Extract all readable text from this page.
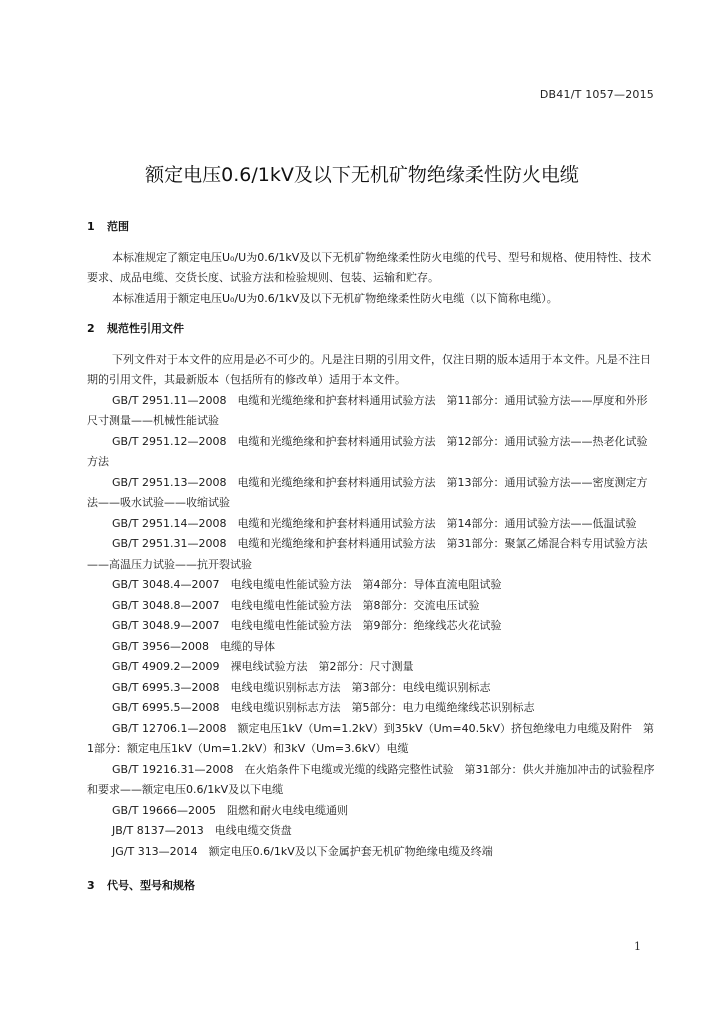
DB41/T 1057—2015
额定电压0.6/1kV及以下无机矿物绝缘柔性防火电缆

1 范围

本标准规定了额定电压U₀/U为0.6/1kV及以下无机矿物绝缘柔性防火电缆的代号、型号和规格、使用特性、技术要求、成品电缆、交货长度、试验方法和检验规则、包装、运输和贮存。

本标准适用于额定电压U₀/U为0.6/1kV及以下无机矿物绝缘柔性防火电缆（以下简称电缆）。

2 规范性引用文件

下列文件对于本文件的应用是必不可少的。凡是注日期的引用文件，仅注日期的版本适用于本文件。凡是不注日期的引用文件，其最新版本（包括所有的修改单）适用于本文件。

GB/T 2951.11—2008　电缆和光缆绝缘和护套材料通用试验方法　第11部分：通用试验方法——厚度和外形尺寸测量——机械性能试验

GB/T 2951.12—2008　电缆和光缆绝缘和护套材料通用试验方法　第12部分：通用试验方法——热老化试验方法

GB/T 2951.13—2008　电缆和光缆绝缘和护套材料通用试验方法　第13部分：通用试验方法——密度测定方法——吸水试验——收缩试验

GB/T 2951.14—2008　电缆和光缆绝缘和护套材料通用试验方法　第14部分：通用试验方法——低温试验

GB/T 2951.31—2008　电缆和光缆绝缘和护套材料通用试验方法　第31部分：聚氯乙烯混合料专用试验方法——高温压力试验——抗开裂试验

GB/T 3048.4—2007　电线电缆电性能试验方法　第4部分：导体直流电阻试验

GB/T 3048.8—2007　电线电缆电性能试验方法　第8部分：交流电压试验

GB/T 3048.9—2007　电线电缆电性能试验方法　第9部分：绝缘线芯火花试验

GB/T 3956—2008　电缆的导体

GB/T 4909.2—2009　裸电线试验方法　第2部分：尺寸测量

GB/T 6995.3—2008　电线电缆识别标志方法　第3部分：电线电缆识别标志

GB/T 6995.5—2008　电线电缆识别标志方法　第5部分：电力电缆绝缘线芯识别标志

GB/T 12706.1—2008　额定电压1kV（Um=1.2kV）到35kV（Um=40.5kV）挤包绝缘电力电缆及附件　第1部分：额定电压1kV（Um=1.2kV）和3kV（Um=3.6kV）电缆

GB/T 19216.31—2008　在火焰条件下电缆或光缆的线路完整性试验　第31部分：供火并施加冲击的试验程序和要求——额定电压0.6/1kV及以下电缆

GB/T 19666—2005　阻燃和耐火电线电缆通则

JB/T 8137—2013　电线电缆交货盘

JG/T 313—2014　额定电压0.6/1kV及以下金属护套无机矿物绝缘电缆及终端

3 代号、型号和规格

1
